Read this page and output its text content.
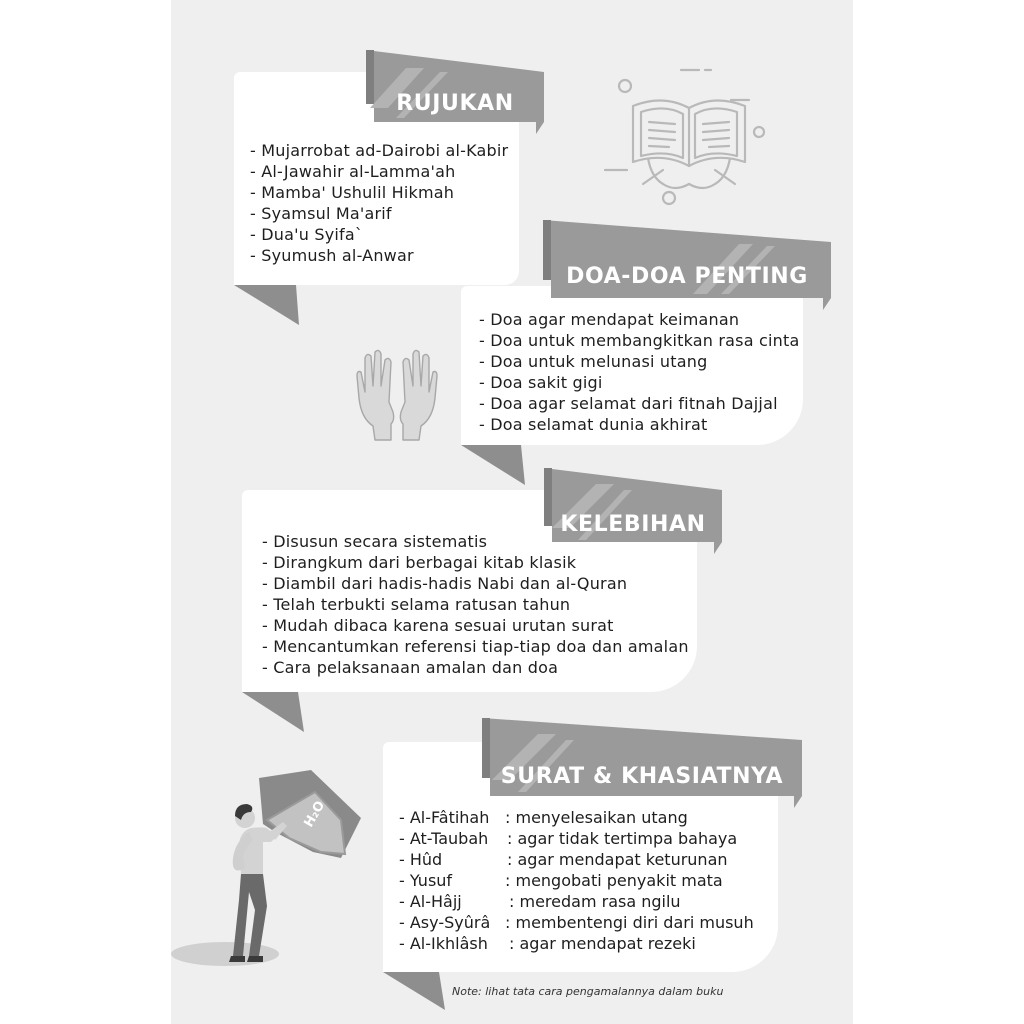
RUJUKAN
- Mujarrobat ad-Dairobi al-Kabir
- Al-Jawahir al-Lamma'ah
- Mamba' Ushulil Hikmah
- Syamsul Ma'arif
- Dua'u Syifa`
- Syumush al-Anwar
DOA-DOA PENTING
- Doa agar mendapat keimanan
- Doa untuk membangkitkan rasa cinta
- Doa untuk melunasi utang
- Doa sakit gigi
- Doa agar selamat dari fitnah Dajjal
- Doa selamat dunia akhirat
KELEBIHAN
- Disusun secara sistematis
- Dirangkum dari berbagai kitab klasik
- Diambil dari hadis-hadis Nabi dan al-Quran
- Telah terbukti selama ratusan tahun
- Mudah dibaca karena sesuai urutan surat
- Mencantumkan referensi tiap-tiap doa dan amalan
- Cara pelaksanaan amalan dan doa
SURAT & KHASIATNYA
- Al-Fâtihah : menyelesaikan utang
- At-Taubah	: agar tidak tertimpa bahaya
- Hûd	: agar mendapat keturunan
- Yusuf	: mengobati penyakit mata
- Al-Hâjj	: meredam rasa ngilu
- Asy-Syûrâ : membentengi diri dari musuh
- Al-Ikhlâsh	: agar mendapat rezeki
Note: lihat tata cara pengamalannya dalam buku
H₂O
